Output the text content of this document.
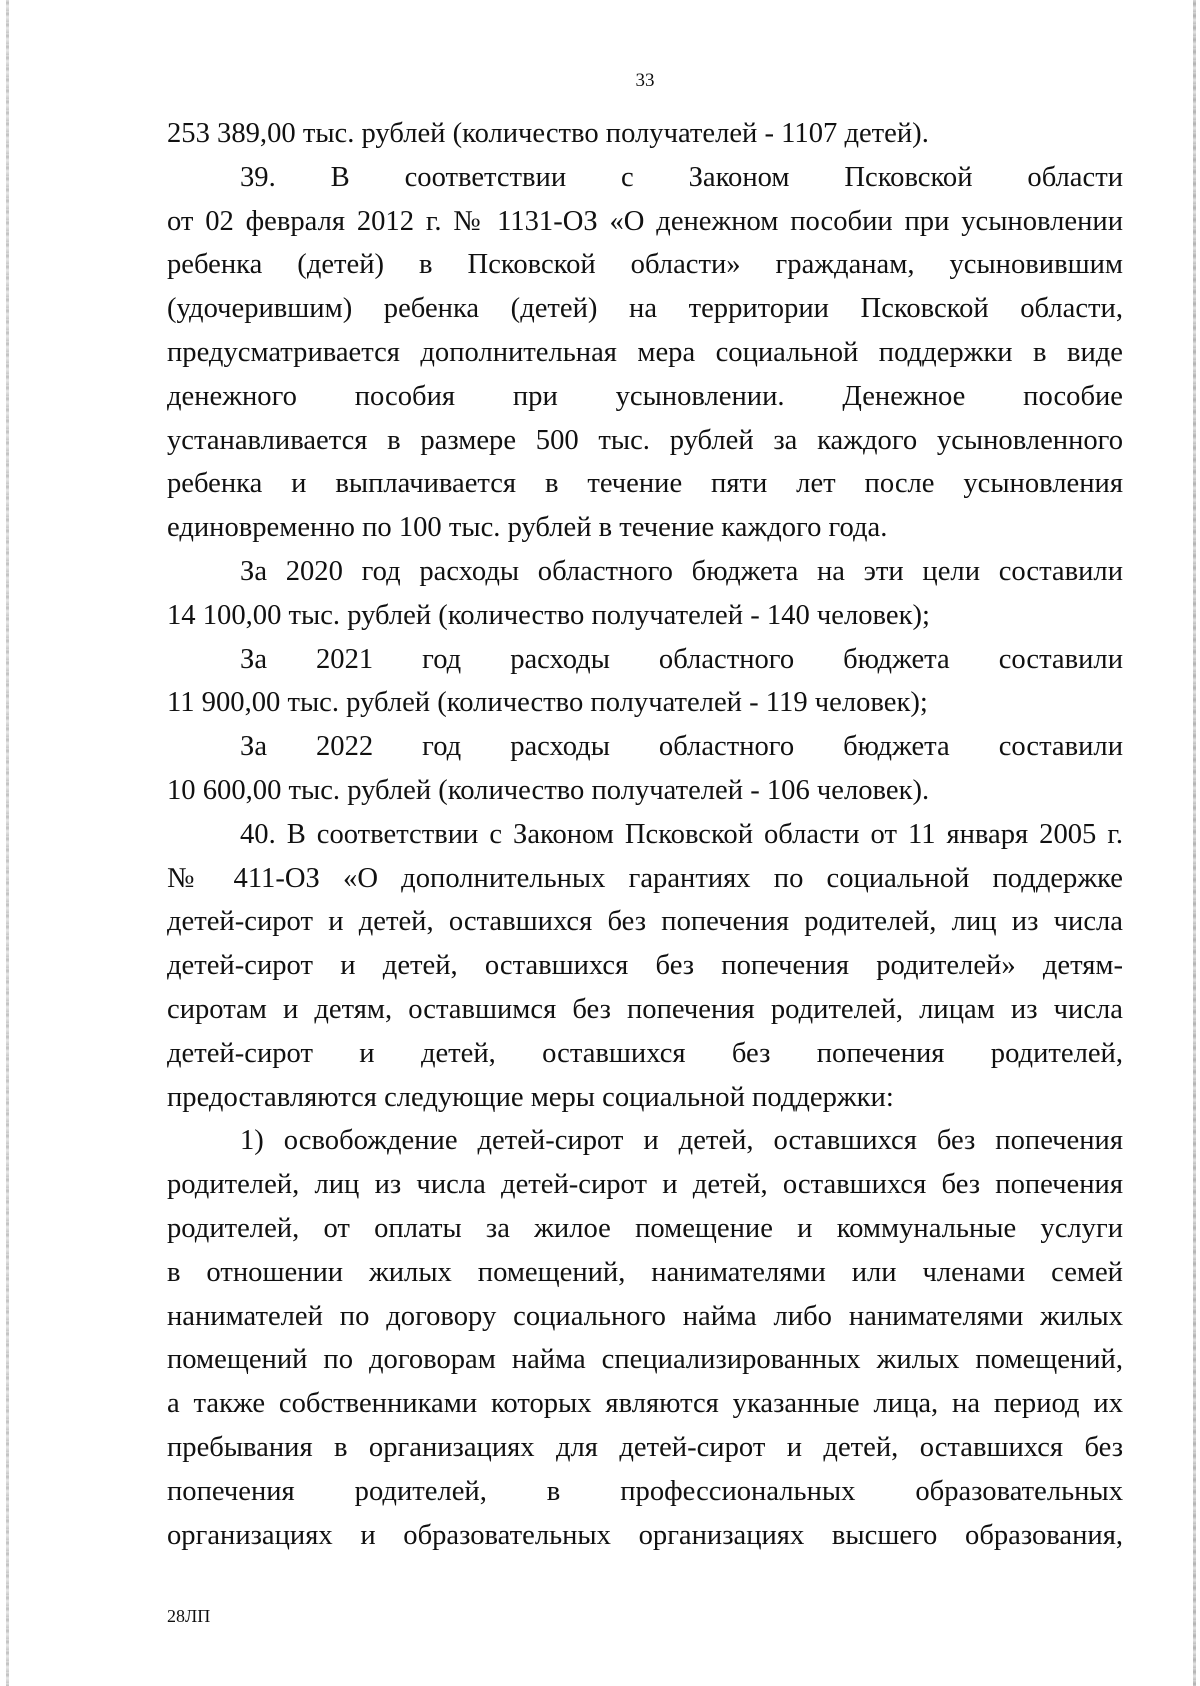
33
253 389,00 тыс. рублей (количество получателей - 1107 детей).
39. В соответствии с Законом Псковской области
от 02 февраля 2012 г. № 1131-ОЗ «О денежном пособии при усыновлении
ребенка (детей) в Псковской области» гражданам, усыновившим
(удочерившим) ребенка (детей) на территории Псковской области,
предусматривается дополнительная мера социальной поддержки в виде
денежного пособия при усыновлении. Денежное пособие
устанавливается в размере 500 тыс. рублей за каждого усыновленного
ребенка и выплачивается в течение пяти лет после усыновления
единовременно по 100 тыс. рублей в течение каждого года.
За 2020 год расходы областного бюджета на эти цели составили
14 100,00 тыс. рублей (количество получателей - 140 человек);
За 2021 год расходы областного бюджета составили
11 900,00 тыс. рублей (количество получателей - 119 человек);
За 2022 год расходы областного бюджета составили
10 600,00 тыс. рублей (количество получателей - 106 человек).
40. В соответствии с Законом Псковской области от 11 января 2005 г.
№ 411-ОЗ «О дополнительных гарантиях по социальной поддержке
детей-сирот и детей, оставшихся без попечения родителей, лиц из числа
детей-сирот и детей, оставшихся без попечения родителей» детям-
сиротам и детям, оставшимся без попечения родителей, лицам из числа
детей-сирот и детей, оставшихся без попечения родителей,
предоставляются следующие меры социальной поддержки:
1) освобождение детей-сирот и детей, оставшихся без попечения
родителей, лиц из числа детей-сирот и детей, оставшихся без попечения
родителей, от оплаты за жилое помещение и коммунальные услуги
в отношении жилых помещений, нанимателями или членами семей
нанимателей по договору социального найма либо нанимателями жилых
помещений по договорам найма специализированных жилых помещений,
а также собственниками которых являются указанные лица, на период их
пребывания в организациях для детей-сирот и детей, оставшихся без
попечения родителей, в профессиональных образовательных
организациях и образовательных организациях высшего образования,
28ЛП
